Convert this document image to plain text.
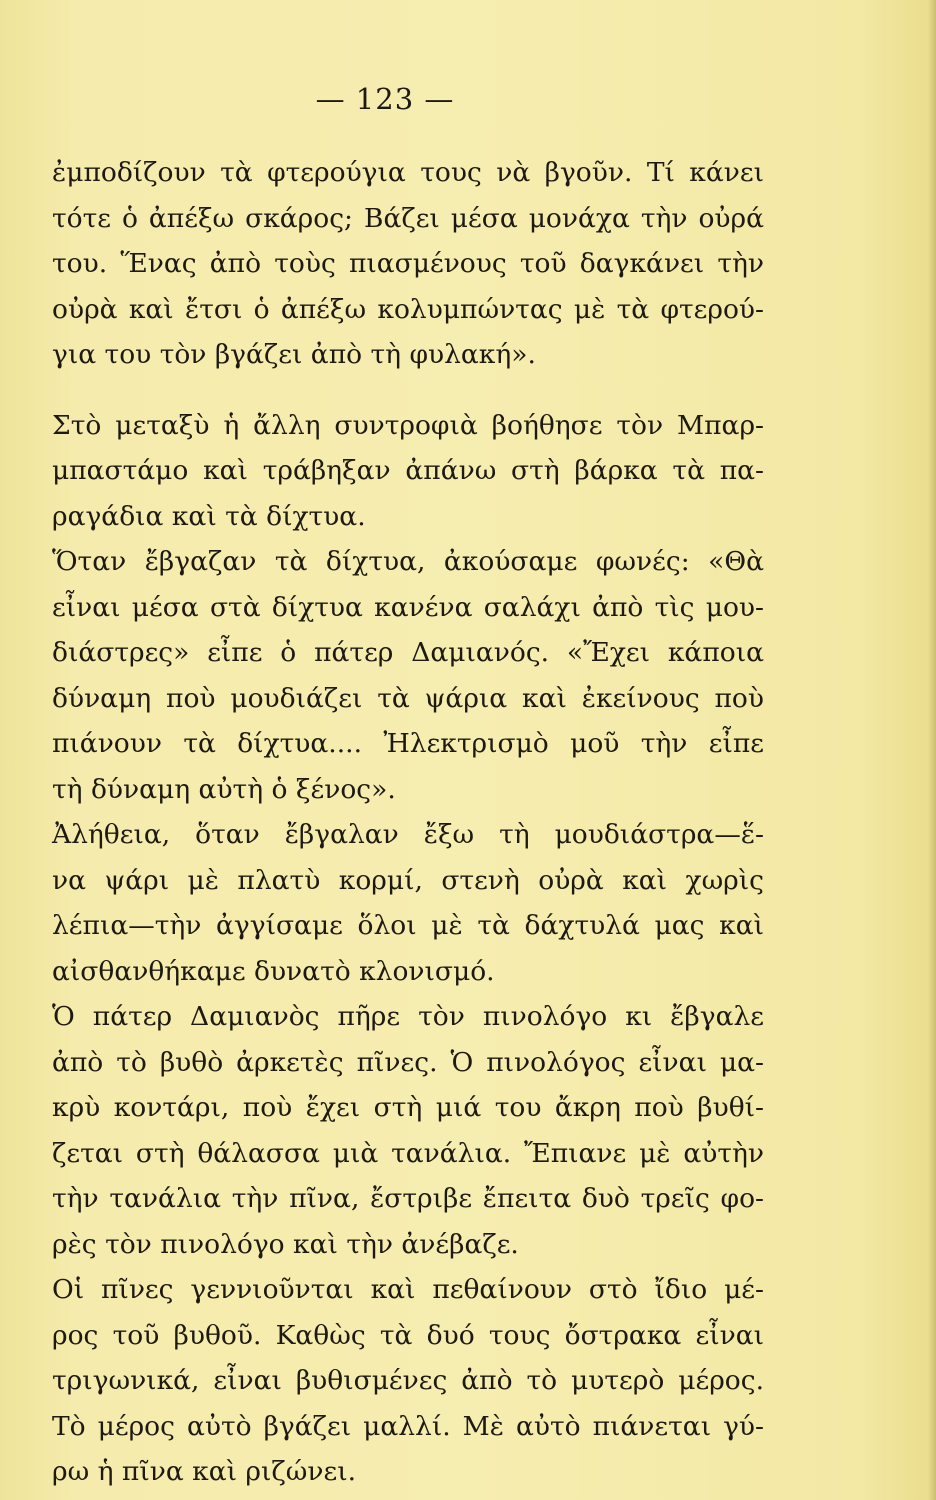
— 123 —
ἐμποδίζουν τὰ φτερούγια τους νὰ βγοῦν. Τί κάνει
τότε ὁ ἀπέξω σκάρος; Βάζει μέσα μονάχα τὴν οὐρά
του. Ἕνας ἀπὸ τοὺς πιασμένους τοῦ δαγκάνει τὴν
οὐρὰ καὶ ἔτσι ὁ ἀπέξω κολυμπώντας μὲ τὰ φτερού-
για του τὸν βγάζει ἀπὸ τὴ φυλακή».
Στὸ μεταξὺ ἡ ἄλλη συντροφιὰ βοήθησε τὸν Μπαρ-
μπαστάμο καὶ τράβηξαν ἀπάνω στὴ βάρκα τὰ πα-
ραγάδια καὶ τὰ δίχτυα.
Ὅταν ἔβγαζαν τὰ δίχτυα, ἀκούσαμε φωνές: «Θὰ
εἶναι μέσα στὰ δίχτυα κανένα σαλάχι ἀπὸ τὶς μου-
διάστρες» εἶπε ὁ πάτερ Δαμιανός. «Ἔχει κάποια
δύναμη ποὺ μουδιάζει τὰ ψάρια καὶ ἐκείνους ποὺ
πιάνουν τὰ δίχτυα.... Ἠλεκτρισμὸ μοῦ τὴν εἶπε
τὴ δύναμη αὐτὴ ὁ ξένος».
Ἀλήθεια, ὅταν ἔβγαλαν ἔξω τὴ μουδιάστρα—ἕ-
να ψάρι μὲ πλατὺ κορμί, στενὴ οὐρὰ καὶ χωρὶς
λέπια—τὴν ἀγγίσαμε ὅλοι μὲ τὰ δάχτυλά μας καὶ
αἰσθανθήκαμε δυνατὸ κλονισμό.
Ὁ πάτερ Δαμιανὸς πῆρε τὸν πινολόγο κι ἔβγαλε
ἀπὸ τὸ βυθὸ ἀρκετὲς πῖνες. Ὁ πινολόγος εἶναι μα-
κρὺ κοντάρι, ποὺ ἔχει στὴ μιά του ἄκρη ποὺ βυθί-
ζεται στὴ θάλασσα μιὰ τανάλια. Ἔπιανε μὲ αὐτὴν
τὴν τανάλια τὴν πῖνα, ἔστριβε ἔπειτα δυὸ τρεῖς φο-
ρὲς τὸν πινολόγο καὶ τὴν ἀνέβαζε.
Οἱ πῖνες γεννιοῦνται καὶ πεθαίνουν στὸ ἴδιο μέ-
ρος τοῦ βυθοῦ. Καθὼς τὰ δυό τους ὄστρακα εἶναι
τριγωνικά, εἶναι βυθισμένες ἀπὸ τὸ μυτερὸ μέρος.
Τὸ μέρος αὐτὸ βγάζει μαλλί. Μὲ αὐτὸ πιάνεται γύ-
ρω ἡ πῖνα καὶ ριζώνει.
